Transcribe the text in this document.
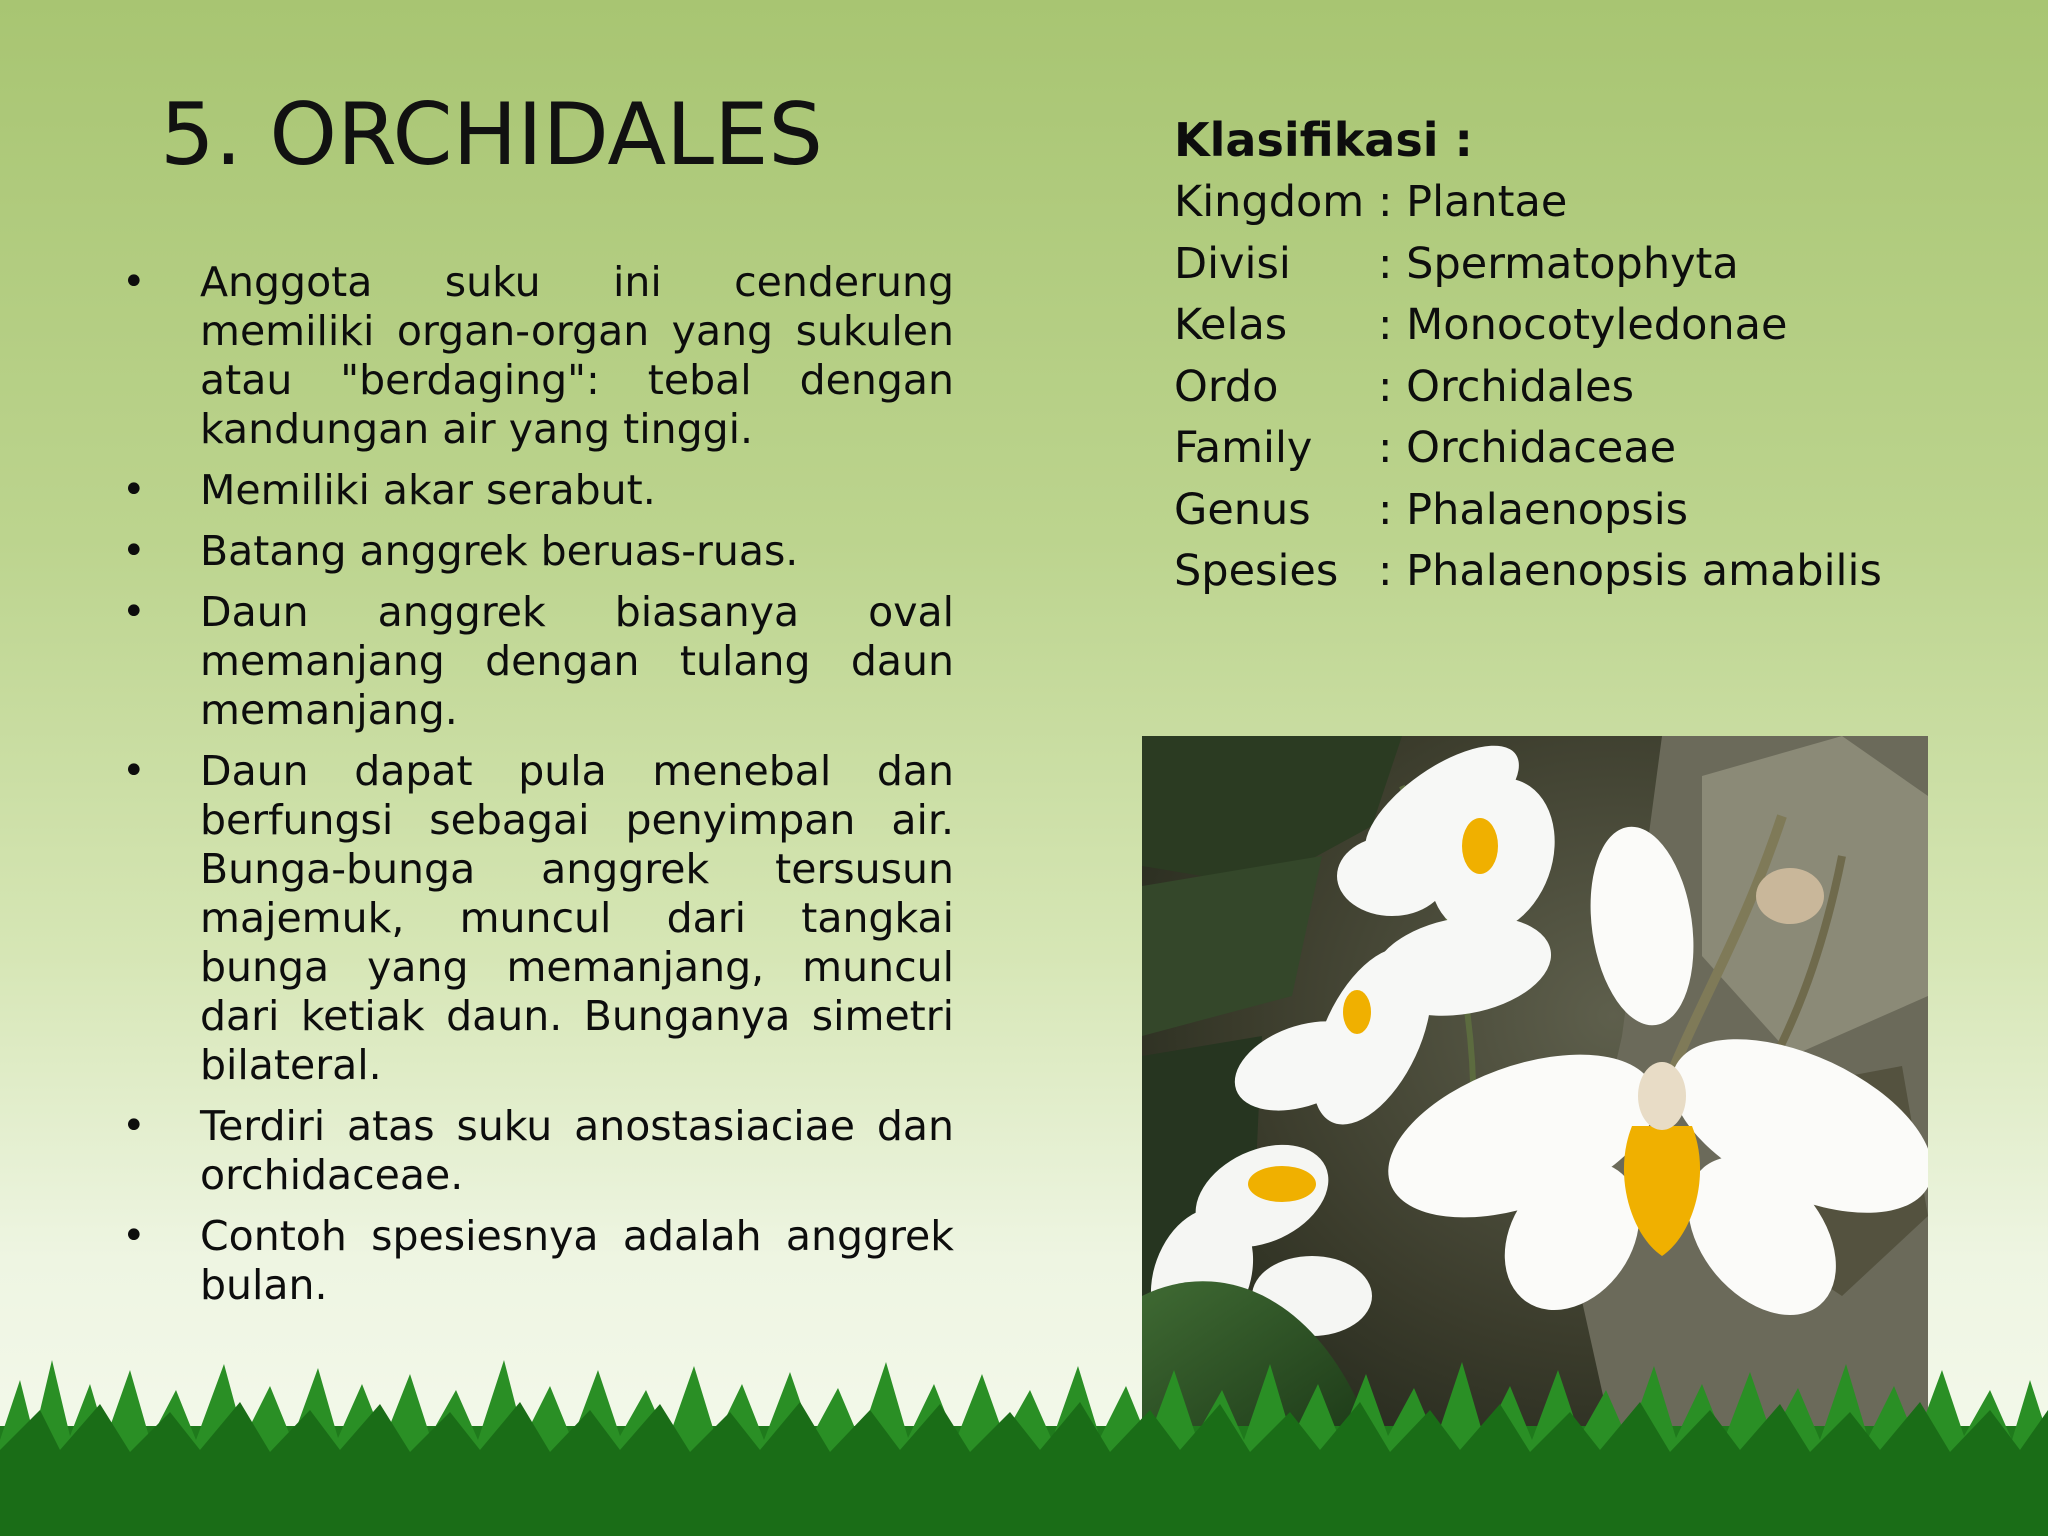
5. ORCHIDALES
• Anggota suku ini cenderung memiliki organ-organ yang sukulen atau "berdaging": tebal dengan kandungan air yang tinggi.
• Memiliki akar serabut.
• Batang anggrek beruas-ruas.
• Daun anggrek biasanya oval memanjang dengan tulang daun memanjang.
• Daun dapat pula menebal dan berfungsi sebagai penyimpan air. Bunga-bunga anggrek tersusun majemuk, muncul dari tangkai bunga yang memanjang, muncul dari ketiak daun. Bunganya simetri bilateral.
• Terdiri atas suku anostasiaciae dan orchidaceae.
• Contoh spesiesnya adalah anggrek bulan.

Klasifikasi :

Kingdom : Plantae
Divisi	: Spermatophyta
Kelas	: Monocotyledonae
Ordo	: Orchidales
Family	: Orchidaceae
Genus	: Phalaenopsis
Spesies : Phalaenopsis amabilis
